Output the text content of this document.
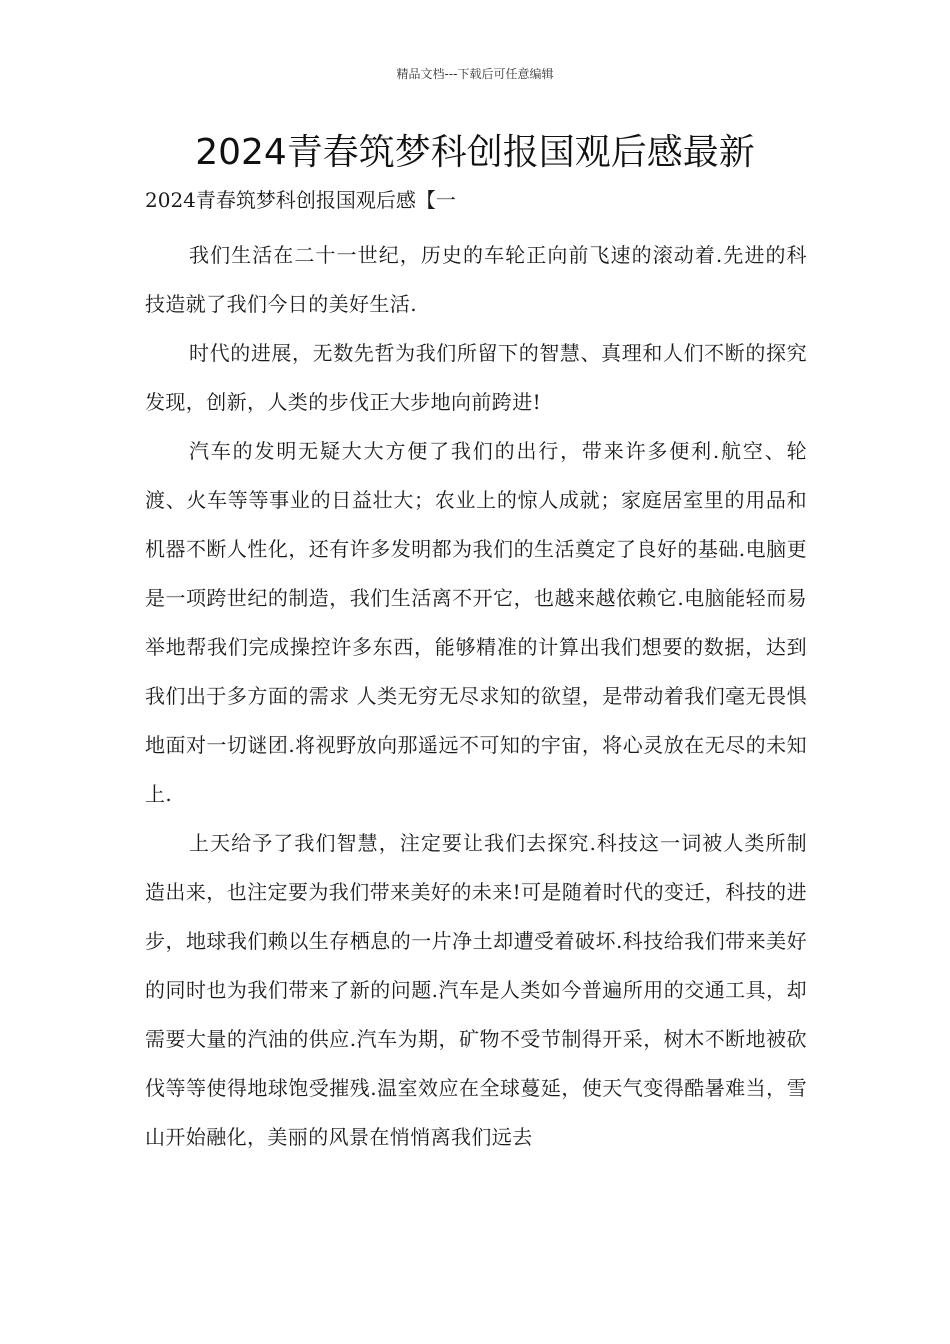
精品文档---下载后可任意编辑
2024青春筑梦科创报国观后感最新

2024青春筑梦科创报国观后感【一

我们生活在二十一世纪，历史的车轮正向前飞速的滚动着.先进的科技造就了我们今日的美好生活.

时代的进展，无数先哲为我们所留下的智慧、真理和人们不断的探究发现，创新，人类的步伐正大步地向前跨进!

汽车的发明无疑大大方便了我们的出行，带来许多便利.航空、轮渡、火车等等事业的日益壮大；农业上的惊人成就；家庭居室里的用品和机器不断人性化，还有许多发明都为我们的生活奠定了良好的基础.电脑更是一项跨世纪的制造，我们生活离不开它，也越来越依赖它.电脑能轻而易举地帮我们完成操控许多东西，能够精准的计算出我们想要的数据，达到我们出于多方面的需求 人类无穷无尽求知的欲望，是带动着我们毫无畏惧地面对一切谜团.将视野放向那遥远不可知的宇宙，将心灵放在无尽的未知上.

上天给予了我们智慧，注定要让我们去探究.科技这一词被人类所制造出来，也注定要为我们带来美好的未来!可是随着时代的变迁，科技的进步，地球我们赖以生存栖息的一片净土却遭受着破坏.科技给我们带来美好的同时也为我们带来了新的问题.汽车是人类如今普遍所用的交通工具，却需要大量的汽油的供应.汽车为期，矿物不受节制得开采，树木不断地被砍伐等等使得地球饱受摧残.温室效应在全球蔓延，使天气变得酷暑难当，雪山开始融化，美丽的风景在悄悄离我们远去
